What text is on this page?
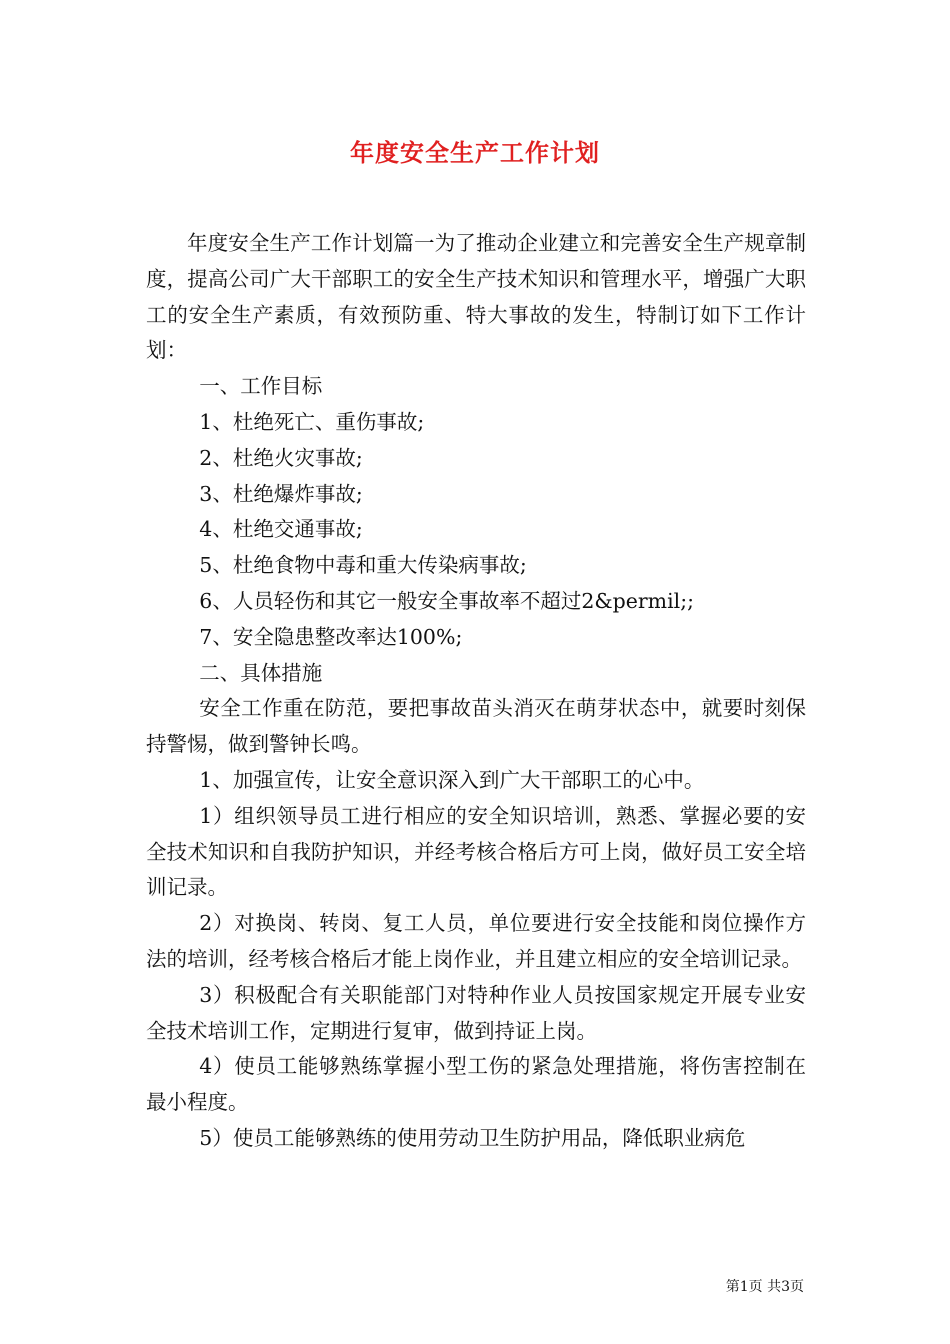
年度安全生产工作计划

年度安全生产工作计划篇一为了推动企业建立和完善安全生产规章制度，提高公司广大干部职工的安全生产技术知识和管理水平，增强广大职工的安全生产素质，有效预防重、特大事故的发生，特制订如下工作计划：

一、工作目标

1、杜绝死亡、重伤事故;

2、杜绝火灾事故;

3、杜绝爆炸事故;

4、杜绝交通事故;

5、杜绝食物中毒和重大传染病事故;

6、人员轻伤和其它一般安全事故率不超过2&permil;;

7、安全隐患整改率达100%;

二、具体措施

安全工作重在防范，要把事故苗头消灭在萌芽状态中，就要时刻保持警惕，做到警钟长鸣。

1、加强宣传，让安全意识深入到广大干部职工的心中。

1）组织领导员工进行相应的安全知识培训，熟悉、掌握必要的安全技术知识和自我防护知识，并经考核合格后方可上岗，做好员工安全培训记录。

2）对换岗、转岗、复工人员，单位要进行安全技能和岗位操作方法的培训，经考核合格后才能上岗作业，并且建立相应的安全培训记录。

3）积极配合有关职能部门对特种作业人员按国家规定开展专业安全技术培训工作，定期进行复审，做到持证上岗。

4）使员工能够熟练掌握小型工伤的紧急处理措施，将伤害控制在最小程度。

5）使员工能够熟练的使用劳动卫生防护用品，降低职业病危

第1页 共3页
